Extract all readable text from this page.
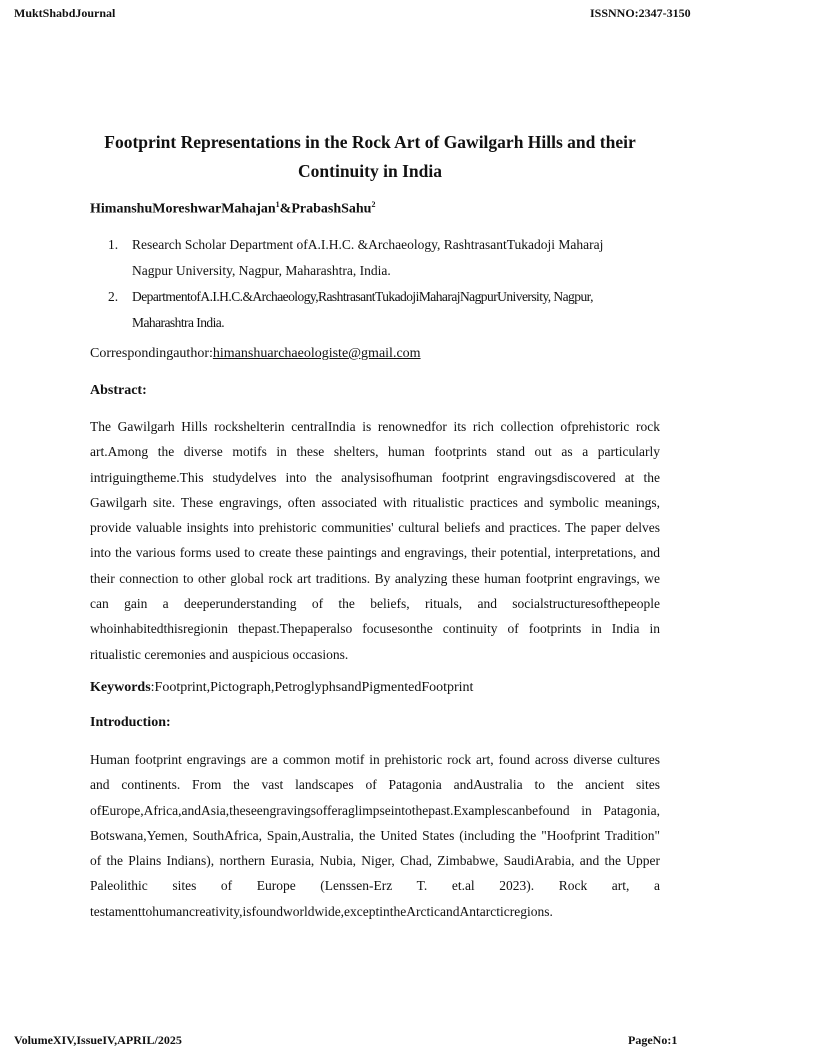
MuktShabdJournal	ISSNNO:2347-3150
Footprint Representations in the Rock Art of Gawilgarh Hills and their
Continuity in India
HimanshuMoreshwarMahajan$^1$&PrabashSahu$^2$
1. Research Scholar Department ofA.I.H.C. &Archaeology, RashtrasantTukadoji Maharaj
Nagpur University, Nagpur, Maharashtra, India.
2. DepartmentofA.I.H.C.&Archaeology,RashtrasantTukadojiMaharajNagpurUniversity, Nagpur,
Maharashtra India.
Correspondingauthor:himanshuarchaeologiste@gmail.com
Abstract:
The Gawilgarh Hills rockshelterin centralIndia is renownedfor its rich collection ofprehistoric rock art.Among the diverse motifs in these shelters, human footprints stand out as a particularly intriguingtheme.This studydelves into the analysisofhuman footprint engravingsdiscovered at the Gawilgarh site. These engravings, often associated with ritualistic practices and symbolic meanings, provide valuable insights into prehistoric communities' cultural beliefs and practices. The paper delves into the various forms used to create these paintings and engravings, their potential, interpretations, and their connection to other global rock art traditions. By analyzing these human footprint engravings, we can gain a deeperunderstanding of the beliefs, rituals, and socialstructuresofthepeople whoinhabitedthisregionin thepast.Thepaperalso focusesonthe continuity of footprints in India in ritualistic ceremonies and auspicious occasions.
Keywords:Footprint,Pictograph,PetroglyphsandPigmentedFootprint
Introduction:
Human footprint engravings are a common motif in prehistoric rock art, found across diverse cultures and continents. From the vast landscapes of Patagonia andAustralia to the ancient sites ofEurope,Africa,andAsia,theseengravingsofferaglimpseintothepast.Examplescanbefound in Patagonia, Botswana,Yemen, SouthAfrica, Spain,Australia, the United States (including the "Hoofprint Tradition" of the Plains Indians), northern Eurasia, Nubia, Niger, Chad, Zimbabwe, SaudiArabia, and the Upper Paleolithic sites of Europe (Lenssen-Erz T. et.al 2023). Rock art, a testamenttohumancreativity,isfoundworldwide,exceptintheArcticandAntarcticregions.
VolumeXIV,IssueIV,APRIL/2025	PageNo:1
